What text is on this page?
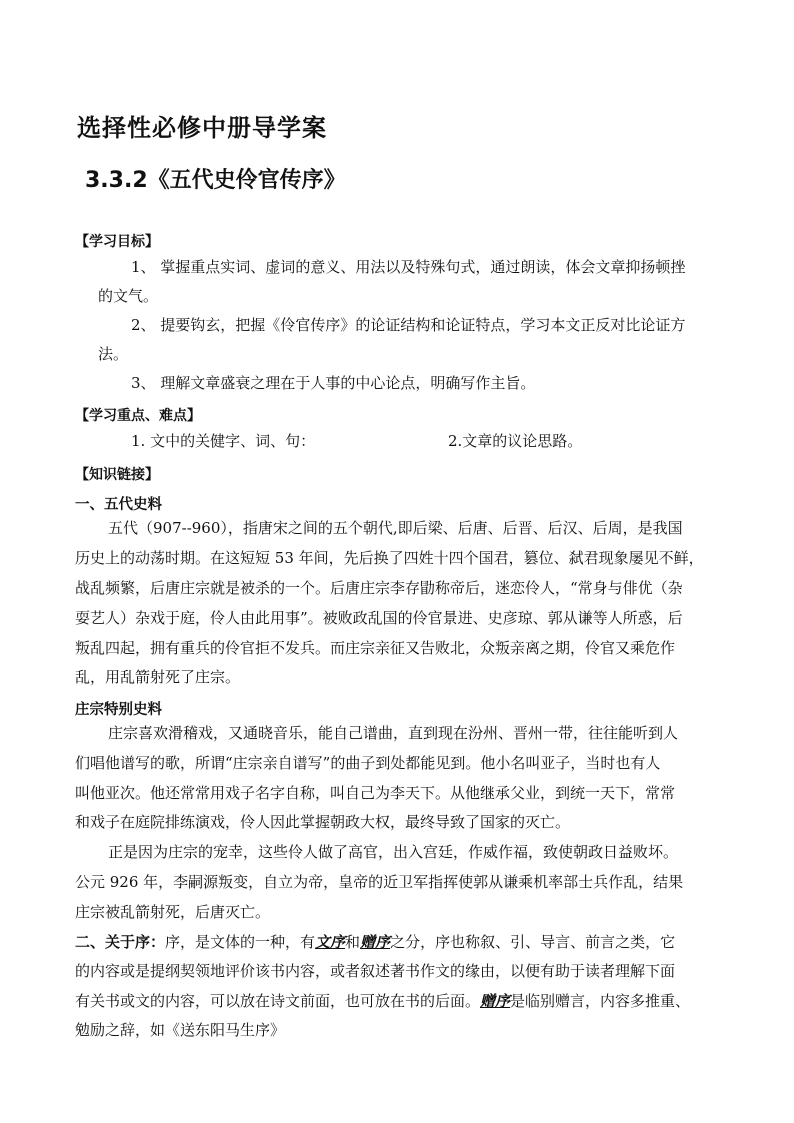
选择性必修中册导学案
3.3.2《五代史伶官传序》
【学习目标】
1、 掌握重点实词、虚词的意义、用法以及特殊句式，通过朗读，体会文章抑扬顿挫
的文气。
2、 提要钩玄，把握《伶官传序》的论证结构和论证特点，学习本文正反对比论证方
法。
3、 理解文章盛衰之理在于人事的中心论点，明确写作主旨。
【学习重点、难点】
1. 文中的关健字、词、句：	2.文章的议论思路。
【知识链接】
一、五代史料
五代（907--960），指唐宋之间的五个朝代,即后梁、后唐、后晋、后汉、后周，是我国
历史上的动荡时期。在这短短 53 年间，先后换了四姓十四个国君，篡位、弑君现象屡见不鲜，
战乱频繁，后唐庄宗就是被杀的一个。后唐庄宗李存勖称帝后，迷恋伶人，“常身与俳优（杂
耍艺人）杂戏于庭，伶人由此用事”。被败政乱国的伶官景进、史彦琼、郭从谦等人所惑，后
叛乱四起，拥有重兵的伶官拒不发兵。而庄宗亲征又告败北，众叛亲离之期，伶官又乘危作
乱，用乱箭射死了庄宗。
庄宗特别史料
庄宗喜欢滑稽戏，又通晓音乐，能自己谱曲，直到现在汾州、晋州一带，往往能听到人
们唱他谱写的歌，所谓“庄宗亲自谱写”的曲子到处都能见到。他小名叫亚子，当时也有人
叫他亚次。他还常常用戏子名字自称，叫自己为李天下。从他继承父业，到统一天下，常常
和戏子在庭院排练演戏，伶人因此掌握朝政大权，最终导致了国家的灭亡。
正是因为庄宗的宠幸，这些伶人做了高官，出入宫廷，作威作福，致使朝政日益败坏。
公元 926 年，李嗣源叛变，自立为帝，皇帝的近卫军指挥使郭从谦乘机率部士兵作乱，结果
庄宗被乱箭射死，后唐灭亡。
二、关于序：序，是文体的一种，有文序和赠序之分，序也称叙、引、导言、前言之类，它
的内容或是提纲契领地评价该书内容，或者叙述著书作文的缘由，以便有助于读者理解下面
有关书或文的内容，可以放在诗文前面，也可放在书的后面。赠序是临别赠言，内容多推重、
勉励之辞，如《送东阳马生序》
